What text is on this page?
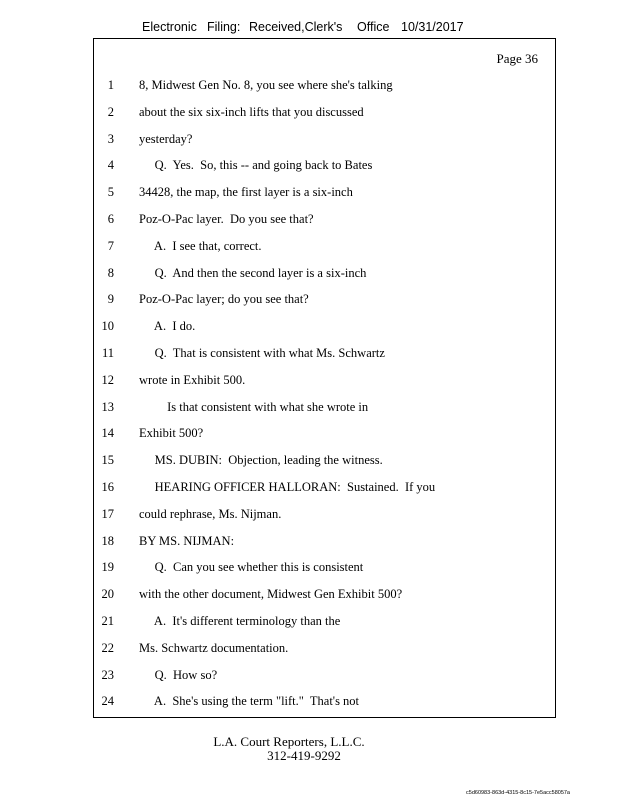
Electronic Filing: Received,Clerk's Office 10/31/2017
Page 36
1 8, Midwest Gen No. 8, you see where she's talking
2 about the six six-inch lifts that you discussed
3 yesterday?
4 Q.  Yes.  So, this -- and going back to Bates
5 34428, the map, the first layer is a six-inch
6 Poz-O-Pac layer.  Do you see that?
7 A.  I see that, correct.
8 Q.  And then the second layer is a six-inch
9 Poz-O-Pac layer; do you see that?
10 A.  I do.
11 Q.  That is consistent with what Ms. Schwartz
12 wrote in Exhibit 500.
13 Is that consistent with what she wrote in
14 Exhibit 500?
15 MS. DUBIN:  Objection, leading the witness.
16 HEARING OFFICER HALLORAN:  Sustained.  If you
17 could rephrase, Ms. Nijman.
18 BY MS. NIJMAN:
19 Q.  Can you see whether this is consistent
20 with the other document, Midwest Gen Exhibit 500?
21 A.  It's different terminology than the
22 Ms. Schwartz documentation.
23 Q.  How so?
24 A.  She's using the term "lift."  That's not
L.A. Court Reporters, L.L.C.
312-419-9292
c5d60983-863d-4315-8c15-7e5acc58057a
